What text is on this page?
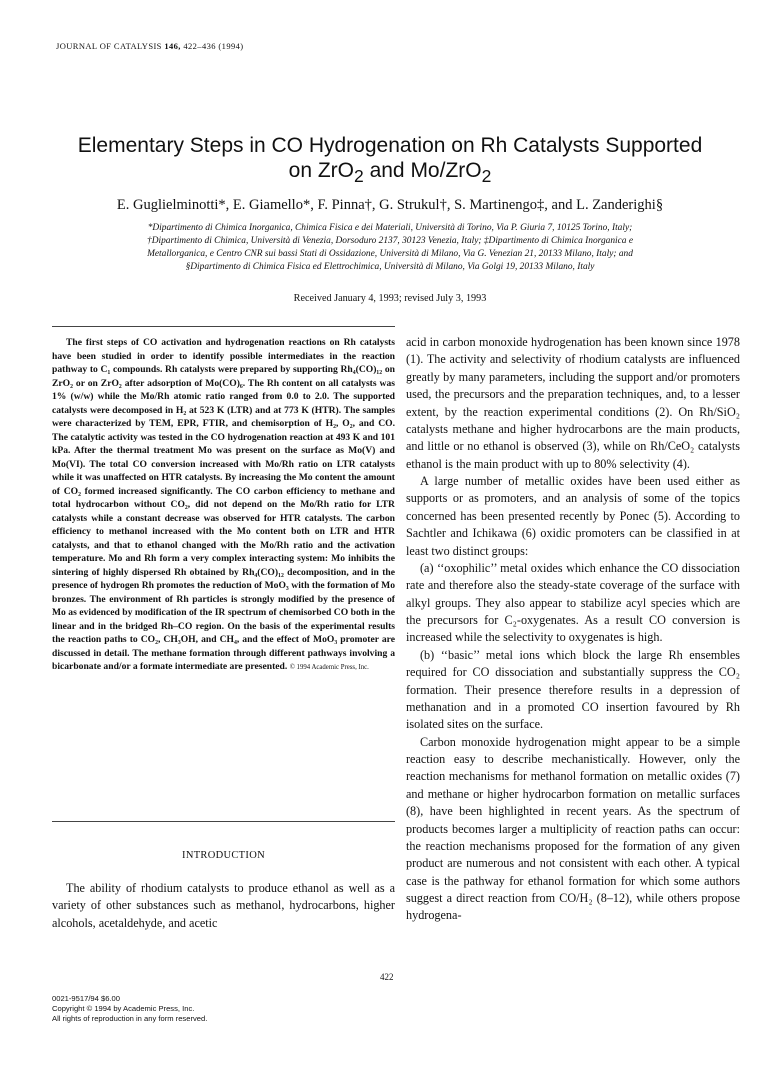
JOURNAL OF CATALYSIS 146, 422–436 (1994)
Elementary Steps in CO Hydrogenation on Rh Catalysts Supported
on ZrO$_2$ and Mo/ZrO$_2$
E. Guglielminotti*, E. Giamello*, F. Pinna†, G. Strukul†, S. Martinengo‡, and L. Zanderighi§
*Dipartimento di Chimica Inorganica, Chimica Fisica e dei Materiali, Università di Torino, Via P. Giuria 7, 10125 Torino, Italy;
†Dipartimento di Chimica, Università di Venezia, Dorsoduro 2137, 30123 Venezia, Italy; ‡Dipartimento di Chimica Inorganica e
Metallorganica, e Centro CNR sui bassi Stati di Ossidazione, Università di Milano, Via G. Venezian 21, 20133 Milano, Italy; and
§Dipartimento di Chimica Fisica ed Elettrochimica, Università di Milano, Via Golgi 19, 20133 Milano, Italy
Received January 4, 1993; revised July 3, 1993

The first steps of CO activation and hydrogenation reactions on Rh catalysts have been studied in order to identify possible intermediates in the reaction pathway to C₁ compounds. Rh catalysts were prepared by supporting Rh₄(CO)₁₂ on ZrO₂ or on ZrO₂ after adsorption of Mo(CO)₆. The Rh content on all catalysts was 1% (w/w) while the Mo/Rh atomic ratio ranged from 0.0 to 2.0. The supported catalysts were decomposed in H₂ at 523 K (LTR) and at 773 K (HTR). The samples were characterized by TEM, EPR, FTIR, and chemisorption of H₂, O₂, and CO. The catalytic activity was tested in the CO hydrogenation reaction at 493 K and 101 kPa. After the thermal treatment Mo was present on the surface as Mo(V) and Mo(VI). The total CO conversion increased with Mo/Rh ratio on LTR catalysts while it was unaffected on HTR catalysts. By increasing the Mo content the amount of CO₂ formed increased significantly. The CO carbon efficiency to methane and total hydrocarbon without CO₂, did not depend on the Mo/Rh ratio for LTR catalysts while a constant decrease was observed for HTR catalysts. The carbon efficiency to methanol increased with the Mo content both on LTR and HTR catalysts, and that to ethanol changed with the Mo/Rh ratio and the activation temperature. Mo and Rh form a very complex interacting system: Mo inhibits the sintering of highly dispersed Rh obtained by Rh₄(CO)₁₂ decomposition, and in the presence of hydrogen Rh promotes the reduction of MoO₃ with the formation of Mo bronzes. The environment of Rh particles is strongly modified by the presence of Mo as evidenced by modification of the IR spectrum of chemisorbed CO both in the linear and in the bridged Rh–CO region. On the basis of the experimental results the reaction paths to CO₂, CH₃OH, and CH₄, and the effect of MoO₃ promoter are discussed in detail. The methane formation through different pathways involving a bicarbonate and/or a formate intermediate are presented. © 1994 Academic Press, Inc.

INTRODUCTION

The ability of rhodium catalysts to produce ethanol as well as a variety of other substances such as methanol, hydrocarbons, higher alcohols, acetaldehyde, and acetic

acid in carbon monoxide hydrogenation has been known since 1978 (1). The activity and selectivity of rhodium catalysts are influenced greatly by many parameters, including the support and/or promoters used, the precursors and the preparation techniques, and, to a lesser extent, by the reaction experimental conditions (2). On Rh/SiO₂ catalysts methane and higher hydrocarbons are the main products, and little or no ethanol is observed (3), while on Rh/CeO₂ catalysts ethanol is the main product with up to 80% selectivity (4).

A large number of metallic oxides have been used either as supports or as promoters, and an analysis of some of the topics concerned has been presented recently by Ponec (5). According to Sachtler and Ichikawa (6) oxidic promoters can be classified in at least two distinct groups:

(a) ‘‘oxophilic’’ metal oxides which enhance the CO dissociation rate and therefore also the steady-state coverage of the surface with alkyl groups. They also appear to stabilize acyl species which are the precursors for C₂-oxygenates. As a result CO conversion is increased while the selectivity to oxygenates is high.

(b) ‘‘basic’’ metal ions which block the large Rh ensembles required for CO dissociation and substantially suppress the CO₂ formation. Their presence therefore results in a depression of methanation and in a promoted CO insertion favoured by Rh isolated sites on the surface.

Carbon monoxide hydrogenation might appear to be a simple reaction easy to describe mechanistically. However, only the reaction mechanisms for methanol formation on metallic oxides (7) and methane or higher hydrocarbon formation on metallic surfaces (8), have been highlighted in recent years. As the spectrum of products becomes larger a multiplicity of reaction paths can occur: the reaction mechanisms proposed for the formation of any given product are numerous and not consistent with each other. A typical case is the pathway for ethanol formation for which some authors suggest a direct reaction from CO/H₂ (8–12), while others propose hydrogena-

422
0021-9517/94 $6.00
Copyright © 1994 by Academic Press, Inc.
All rights of reproduction in any form reserved.
